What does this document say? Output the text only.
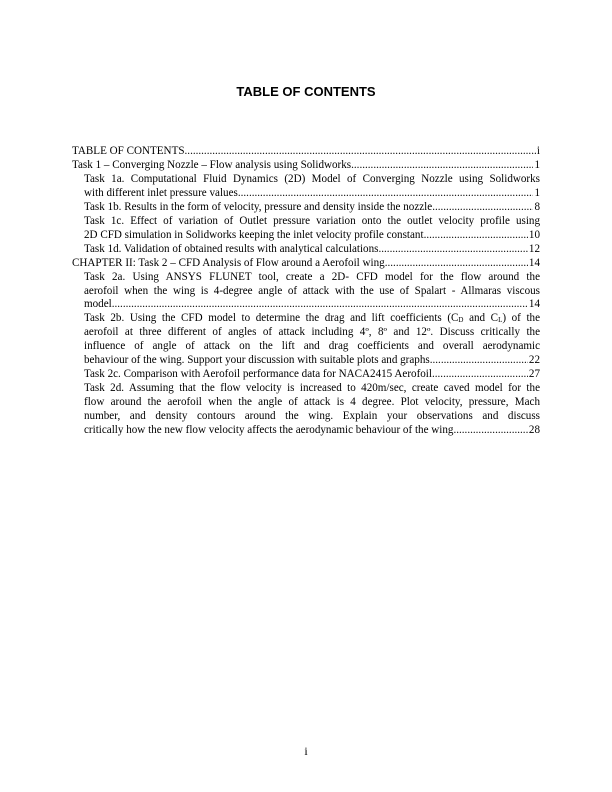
TABLE OF CONTENTS
TABLE OF CONTENTS .....	i
Task 1 – Converging Nozzle – Flow analysis using Solidworks .....	1
Task 1a. Computational Fluid Dynamics (2D) Model of Converging Nozzle using Solidworks
with different inlet pressure values .....	1
Task 1b. Results in the form of velocity, pressure and density inside the nozzle .....	8
Task 1c. Effect of variation of Outlet pressure variation onto the outlet velocity profile using
2D CFD simulation in Solidworks keeping the inlet velocity profile constant .....	10
Task 1d. Validation of obtained results with analytical calculations .....	12
CHAPTER II: Task 2 – CFD Analysis of Flow around a Aerofoil wing .....	14
Task 2a. Using ANSYS FLUNET tool, create a 2D- CFD model for the flow around the
aerofoil when the wing is 4-degree angle of attack with the use of Spalart - Allmaras viscous
model .....	14
Task 2b. Using the CFD model to determine the drag and lift coefficients ($C_D$ and $C_L$) of the
aerofoil at three different of angles of attack including 4º, 8º and 12º. Discuss critically the
influence of angle of attack on the lift and drag coefficients and overall aerodynamic
behaviour of the wing. Support your discussion with suitable plots and graphs .....	22
Task 2c. Comparison with Aerofoil performance data for NACA2415 Aerofoil .....	27
Task 2d. Assuming that the flow velocity is increased to 420m/sec, create caved model for the
flow around the aerofoil when the angle of attack is 4 degree. Plot velocity, pressure, Mach
number, and density contours around the wing. Explain your observations and discuss
critically how the new flow velocity affects the aerodynamic behaviour of the wing. .....	28
i
